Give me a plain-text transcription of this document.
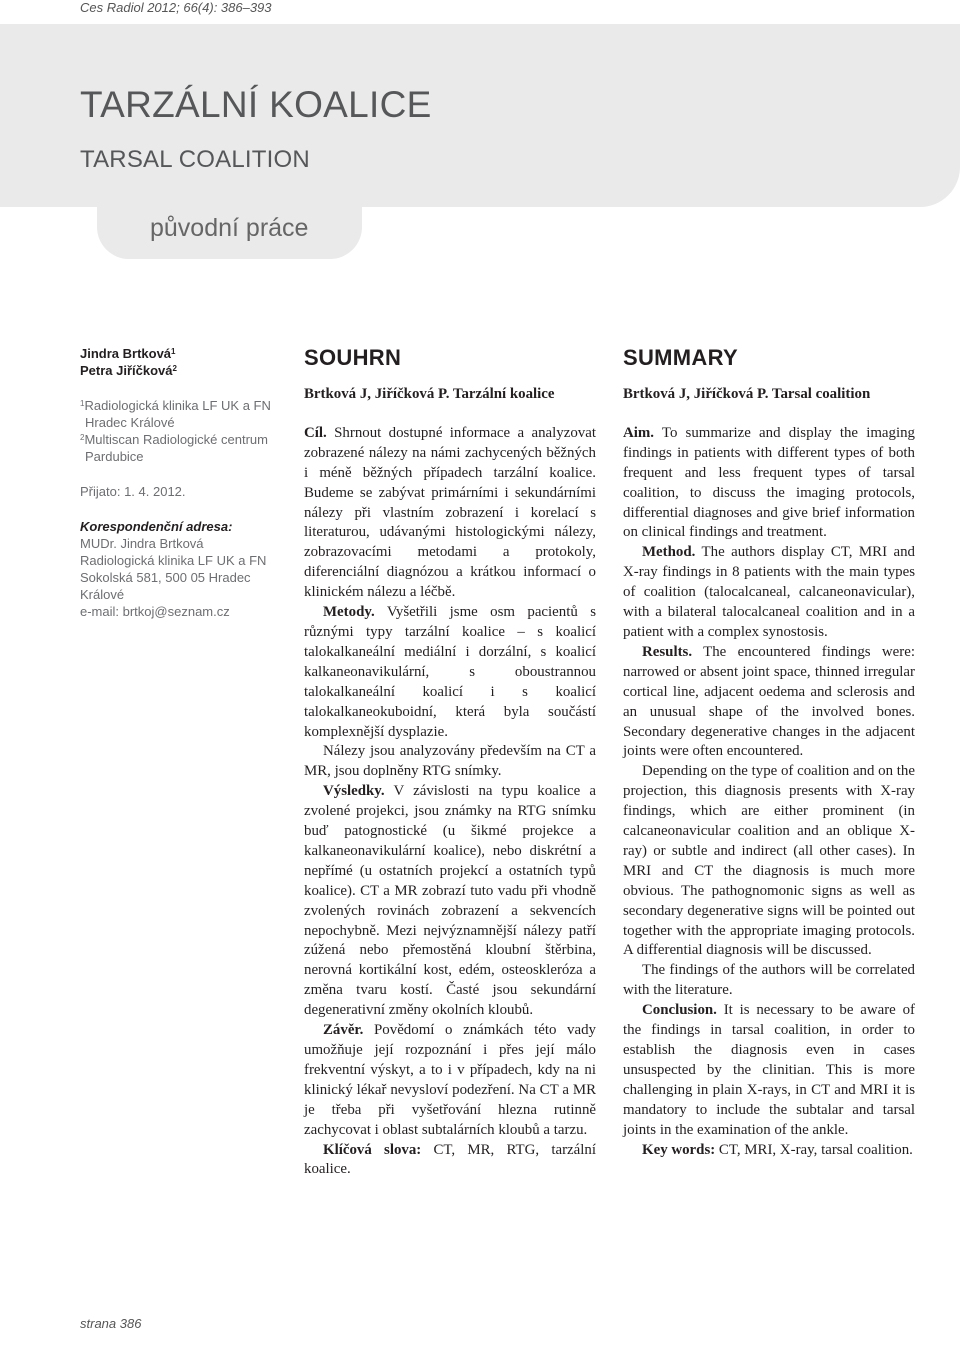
Ces Radiol 2012; 66(4): 386–393
TARZÁLNÍ KOALICE
TARSAL COALITION
původní práce
Jindra Brtková$^1$
Petra Jiříčková$^2$
$^1$Radiologická klinika LF UK a FN Hradec Králové
$^2$Multiscan Radiologické centrum Pardubice
Přijato: 1. 4. 2012.
Korespondenční adresa:
MUDr. Jindra Brtková
Radiologická klinika LF UK a FN
Sokolská 581, 500 05 Hradec Králové
e-mail: brtkoj@seznam.cz
SOUHRN
Brtková J, Jiříčková P. Tarzální koalice

Cíl. Shrnout dostupné informace a analyzovat zobrazené nálezy na námi zachycených běžných i méně běžných případech tarzální koalice. Budeme se zabývat primárními i sekundárními nálezy při vlastním zobrazení i korelací s literaturou, udávanými histologickými nálezy, zobrazovacími metodami a protokoly, diferenciální diagnózou a krátkou informací o klinickém nálezu a léčbě.

Metody. Vyšetřili jsme osm pacientů s různými typy tarzální koalice – s koalicí talokalkaneální mediální i dorzální, s koalicí kalkaneonavikulární, s oboustrannou talokalkaneální koalicí i s koalicí talokalkaneokuboidní, která byla součástí komplexnější dysplazie.

Nálezy jsou analyzovány především na CT a MR, jsou doplněny RTG snímky.

Výsledky. V závislosti na typu koalice a zvolené projekci, jsou známky na RTG snímku buď patognostické (u šikmé projekce a kalkaneonavikulární koalice), nebo diskrétní a nepřímé (u ostatních projekcí a ostatních typů koalice). CT a MR zobrazí tuto vadu při vhodně zvolených rovinách zobrazení a sekvencích nepochybně. Mezi nejvýznamnější nálezy patří zúžená nebo přemostěná kloubní štěrbina, nerovná kortikální kost, edém, osteoskleróza a změna tvaru kostí. Časté jsou sekundární degenerativní změny okolních kloubů.

Závěr. Povědomí o známkách této vady umožňuje její rozpoznání i přes její málo frekventní výskyt, a to i v případech, kdy na ni klinický lékař nevysloví podezření. Na CT a MR je třeba při vyšetřování hlezna rutinně zachycovat i oblast subtalárních kloubů a tarzu.

Klíčová slova: CT, MR, RTG, tarzální koalice.

SUMMARY
Brtková J, Jiříčková P. Tarsal coalition

Aim. To summarize and display the imaging findings in patients with different types of both frequent and less frequent types of tarsal coalition, to discuss the imaging protocols, differential diagnoses and give brief information on clinical findings and treatment.

Method. The authors display CT, MRI and X-ray findings in 8 patients with the main types of coalition (talocalcaneal, calcaneonavicular), with a bilateral talocalcaneal coalition and in a patient with a complex synostosis.

Results. The encountered findings were: narrowed or absent joint space, thinned irregular cortical line, adjacent oedema and sclerosis and an unusual shape of the involved bones. Secondary degenerative changes in the adjacent joints were often encountered.

Depending on the type of coalition and on the projection, this diagnosis presents with X-ray findings, which are either prominent (in calcaneonavicular coalition and an oblique X-ray) or subtle and indirect (all other cases). In MRI and CT the diagnosis is much more obvious. The pathognomonic signs as well as secondary degenerative signs will be pointed out together with the appropriate imaging protocols. A differential diagnosis will be discussed.

The findings of the authors will be correlated with the literature.

Conclusion. It is necessary to be aware of the findings in tarsal coalition, in order to establish the diagnosis even in cases unsuspected by the clinitian. This is more challenging in plain X-rays, in CT and MRI it is mandatory to include the subtalar and tarsal joints in the examination of the ankle.

Key words: CT, MRI, X-ray, tarsal coalition.

strana 386
